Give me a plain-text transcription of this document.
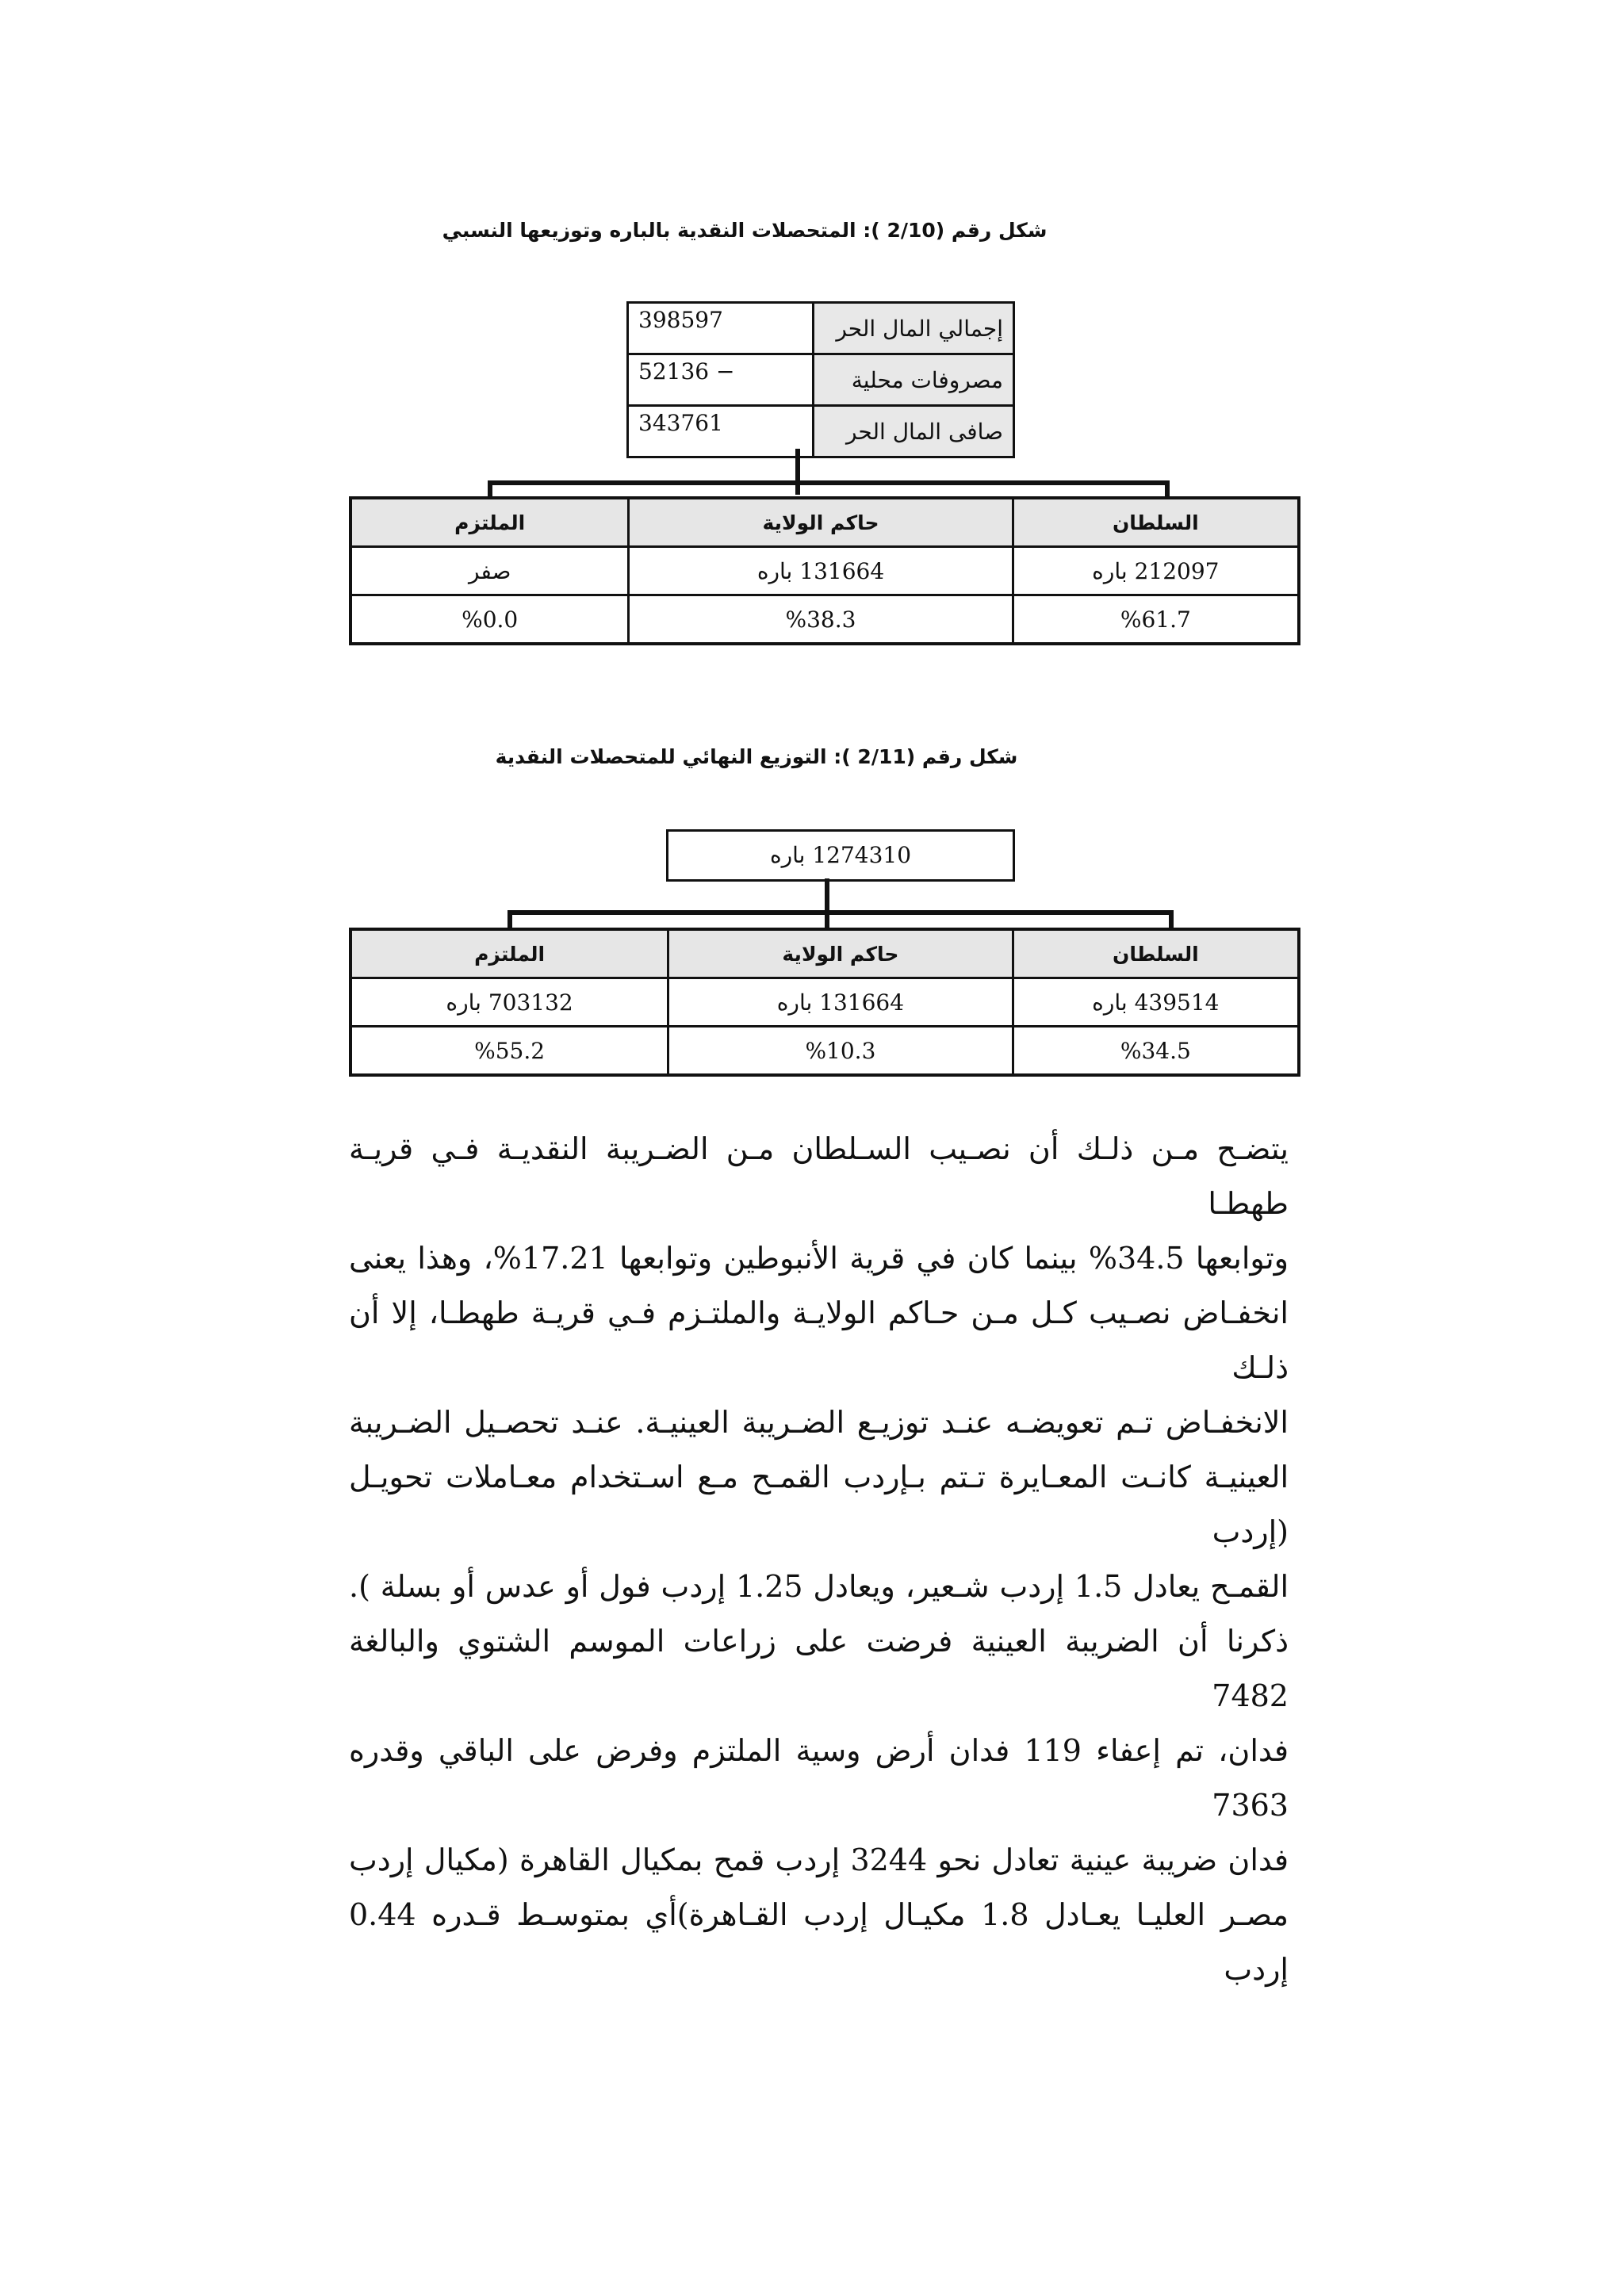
شكل رقم (2/10 ): المتحصلات النقدية بالباره وتوزيعها النسبي
398597	إجمالي المال الحر
52136 −	مصروفات محلية
343761	صافى المال الحر
السلطان	حاكم الولاية	الملتزم
212097 باره	131664 باره	صفر
%61.7	%38.3	%0.0
شكل رقم (2/11 ): التوزيع النهائي للمتحصلات النقدية
1274310 باره
السلطان	حاكم الولاية	الملتزم
439514 باره	131664 باره	703132 باره
%34.5	%10.3	%55.2

يتضـح مـن ذلـك أن نصـيب السـلطان مـن الضـريبة النقديـة فـي قريـة طهطـا

وتوابعها 34.5% بينما كان في قرية الأنبوطين وتوابعها 17.21%، وهذا يعنى

انخفـاض نصـيب كـل مـن حـاكم الولايـة والملتـزم فـي قريـة طهطـا، إلا أن ذلـك

الانخفـاض تـم تعويضـه عنـد توزيـع الضـريبة العينيـة. عنـد تحصـيل الضـريبة

العينيـة كانـت المعـايرة تـتم بـإردب القمـح مـع اسـتخدام معـاملات تحويـل (إردب

القمـح يعادل 1.5 إردب شـعير، ويعادل 1.25 إردب فول أو عدس أو بسلة ).

ذكرنا أن الضريبة العينية فرضت على زراعات الموسم الشتوي والبالغة 7482

فدان، تم إعفاء 119 فدان أرض وسية الملتزم وفرض على الباقي وقدره 7363

فدان ضريبة عينية تعادل نحو 3244 إردب قمح بمكيال القاهرة (مكيال إردب

مصـر العليـا يعـادل 1.8 مكيـال إردب القـاهرة)أي بمتوسـط قـدره 0.44 إردب
